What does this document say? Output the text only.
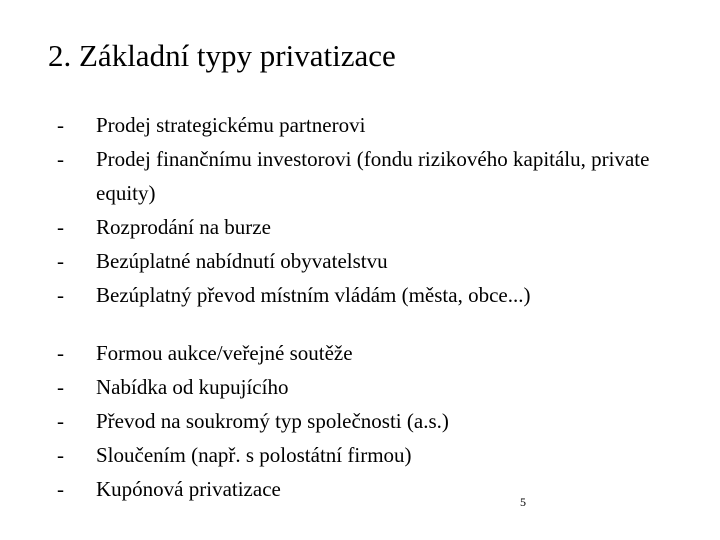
2. Základní typy privatizace
- Prodej strategickému partnerovi
- Prodej finančnímu investorovi (fondu rizikového kapitálu, private equity)
- Rozprodání na burze
- Bezúplatné nabídnutí obyvatelstvu
- Bezúplatný převod místním vládám (města, obce...)
- Formou aukce/veřejné soutěže
- Nabídka od kupujícího
- Převod na soukromý typ společnosti (a.s.)
- Sloučením (např. s polostátní firmou)
- Kupónová privatizace
5
